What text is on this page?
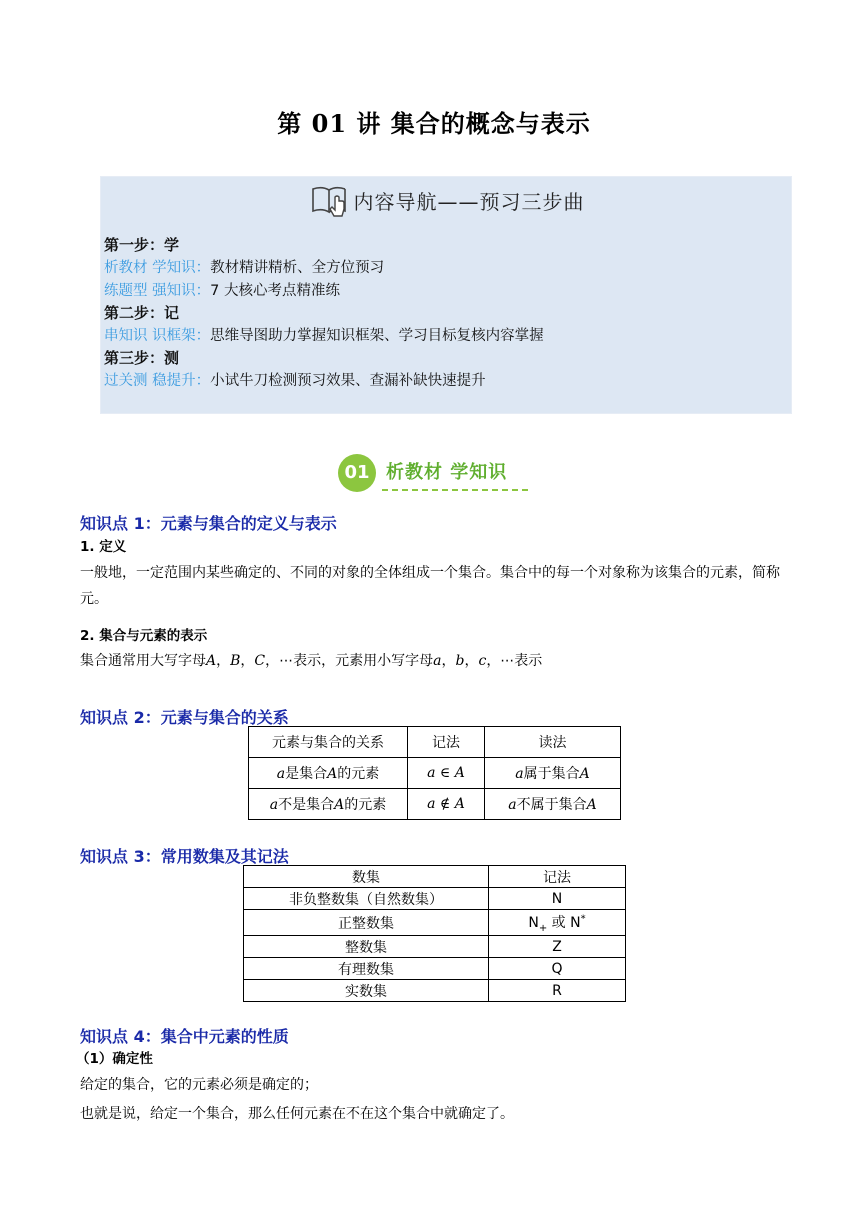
第 01 讲 集合的概念与表示
内容导航——预习三步曲
第一步：学
析教材 学知识：教材精讲精析、全方位预习
练题型 强知识：7 大核心考点精准练
第二步：记
串知识 识框架：思维导图助力掌握知识框架、学习目标复核内容掌握
第三步：测
过关测 稳提升：小试牛刀检测预习效果、查漏补缺快速提升
01 析教材 学知识
知识点 1：元素与集合的定义与表示
1. 定义
一般地，一定范围内某些确定的、不同的对象的全体组成一个集合。集合中的每一个对象称为该集合的元素，简称元。
2. 集合与元素的表示
集合通常用大写字母A，B，C，⋯表示，元素用小写字母a，b，c，⋯表示
知识点 2：元素与集合的关系
元素与集合的关系	记法	读法
a是集合A的元素	a ∈ A	a属于集合A
a不是集合A的元素	a ∉ A	a不属于集合A
知识点 3：常用数集及其记法
数集	记法
非负整数集（自然数集）	N
正整数集	$N_+$ 或 N*
整数集	Z
有理数集	Q
实数集	R
知识点 4：集合中元素的性质
（1）确定性
给定的集合，它的元素必须是确定的；
也就是说，给定一个集合，那么任何元素在不在这个集合中就确定了。
